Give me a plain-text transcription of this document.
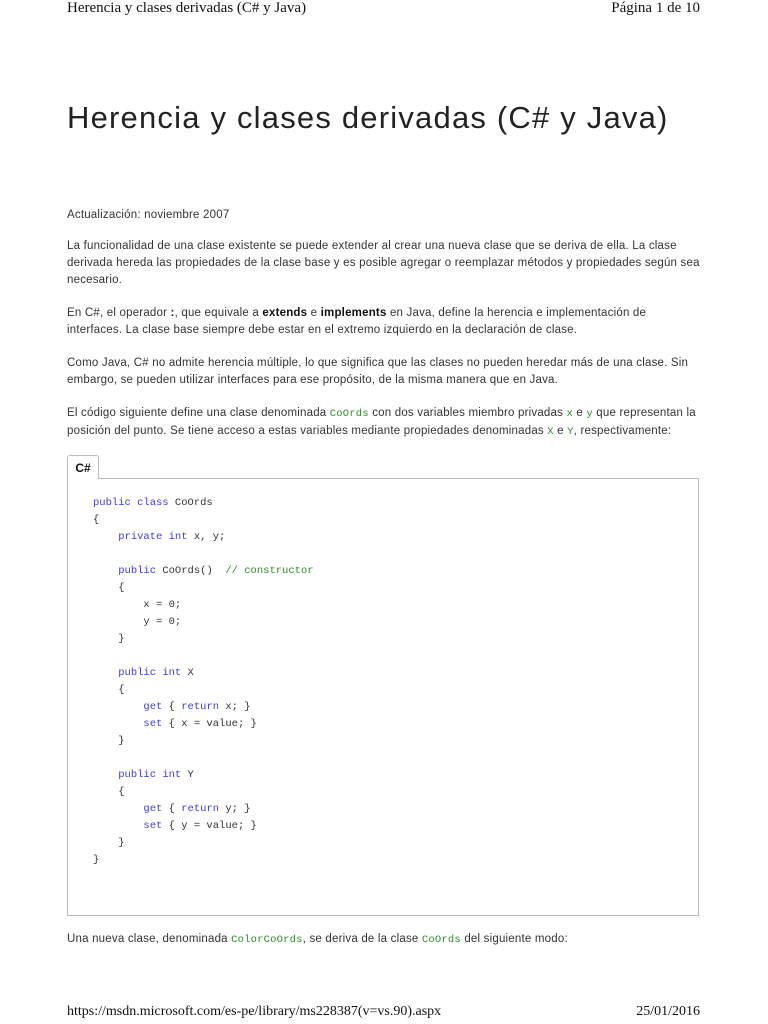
Herencia y clases derivadas (C# y Java)	Página 1 de 10
Herencia y clases derivadas (C# y Java)

Actualización: noviembre 2007

La funcionalidad de una clase existente se puede extender al crear una nueva clase que se deriva de ella. La clase derivada hereda las propiedades de la clase base y es posible agregar o reemplazar métodos y propiedades según sea necesario.

En C#, el operador :, que equivale a extends e implements en Java, define la herencia e implementación de interfaces. La clase base siempre debe estar en el extremo izquierdo en la declaración de clase.

Como Java, C# no admite herencia múltiple, lo que significa que las clases no pueden heredar más de una clase. Sin embargo, se pueden utilizar interfaces para ese propósito, de la misma manera que en Java.

El código siguiente define una clase denominada CoOrds con dos variables miembro privadas x e y que representan la posición del punto. Se tiene acceso a estas variables mediante propiedades denominadas X e Y, respectivamente:

C#
public class CoOrds
{
private int x, y;
public CoOrds()  // constructor
{
x = 0;
y = 0;
}
public int X
{
get { return x; }
set { x = value; }
}
public int Y
{
get { return y; }
set { y = value; }
}
}

Una nueva clase, denominada ColorCoOrds, se deriva de la clase CoOrds del siguiente modo:

https://msdn.microsoft.com/es-pe/library/ms228387(v=vs.90).aspx	25/01/2016
